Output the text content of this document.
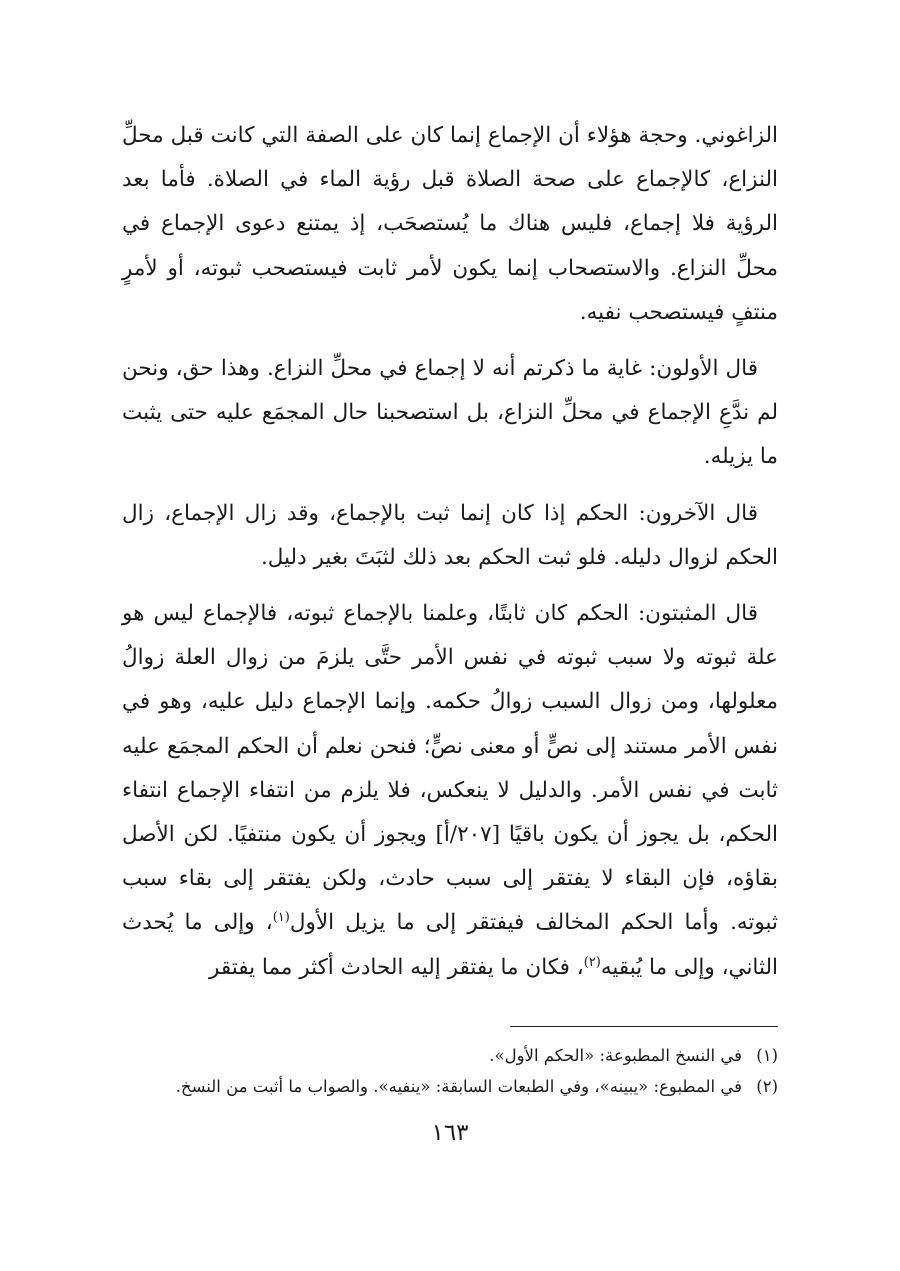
الزاغوني. وحجة هؤلاء أن الإجماع إنما كان على الصفة التي كانت قبل محلِّ النزاع، كالإجماع على صحة الصلاة قبل رؤية الماء في الصلاة. فأما بعد الرؤية فلا إجماع، فليس هناك ما يُستصحَب، إذ يمتنع دعوى الإجماع في محلِّ النزاع. والاستصحاب إنما يكون لأمر ثابت فيستصحب ثبوته، أو لأمرٍ منتفٍ فيستصحب نفيه.

قال الأولون: غاية ما ذكرتم أنه لا إجماع في محلِّ النزاع. وهذا حق، ونحن لم ندَّعِ الإجماع في محلِّ النزاع، بل استصحبنا حال المجمَع عليه حتى يثبت ما يزيله.

قال الآخرون: الحكم إذا كان إنما ثبت بالإجماع، وقد زال الإجماع، زال الحكم لزوال دليله. فلو ثبت الحكم بعد ذلك لثبَتَ بغير دليل.

قال المثبتون: الحكم كان ثابتًا، وعلمنا بالإجماع ثبوته، فالإجماع ليس هو علة ثبوته ولا سبب ثبوته في نفس الأمر حتَّى يلزمَ من زوال العلة زوالُ معلولها، ومن زوال السبب زوالُ حكمه. وإنما الإجماع دليل عليه، وهو في نفس الأمر مستند إلى نصٍّ أو معنى نصٍّ؛ فنحن نعلم أن الحكم المجمَع عليه ثابت في نفس الأمر. والدليل لا ينعكس، فلا يلزم من انتفاء الإجماع انتفاء الحكم، بل يجوز أن يكون باقيًا [٢٠٧/أ] ويجوز أن يكون منتفيًا. لكن الأصل بقاؤه، فإن البقاء لا يفتقر إلى سبب حادث، ولكن يفتقر إلى بقاء سبب ثبوته. وأما الحكم المخالف فيفتقر إلى ما يزيل الأول$^{(١)}$، وإلى ما يُحدث الثاني، وإلى ما يُبقيه$^{(٢)}$، فكان ما يفتقر إليه الحادث أكثر مما يفتقر

(١)في النسخ المطبوعة: «الحكم الأول».

(٢)في المطبوع: «يبينه»، وفي الطبعات السابقة: «ينفيه». والصواب ما أثبت من النسخ.

١٦٣
